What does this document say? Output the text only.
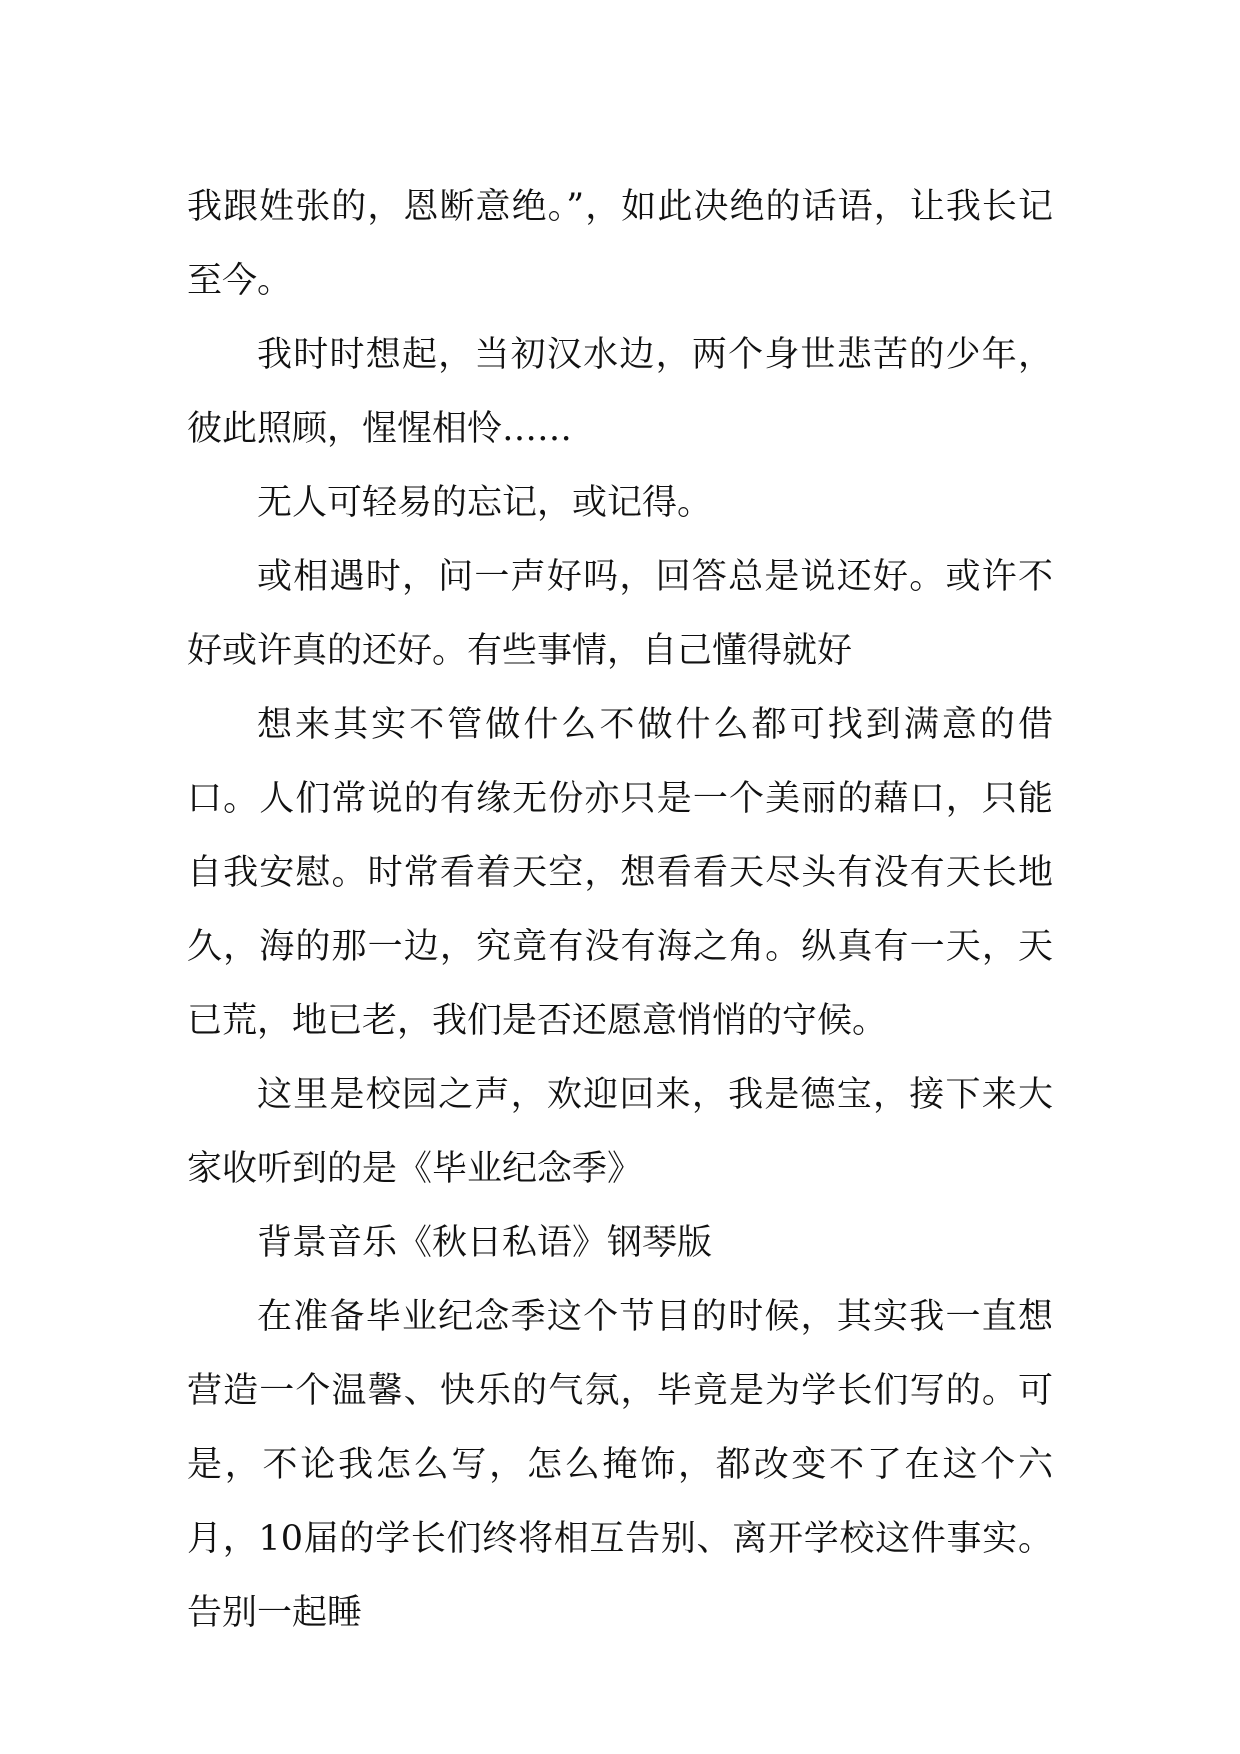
我跟姓张的，恩断意绝。”，如此决绝的话语，让我长记至今。

我时时想起，当初汉水边，两个身世悲苦的少年，彼此照顾，惺惺相怜……

无人可轻易的忘记，或记得。

或相遇时，问一声好吗，回答总是说还好。或许不好或许真的还好。有些事情，自己懂得就好

想来其实不管做什么不做什么都可找到满意的借口。人们常说的有缘无份亦只是一个美丽的藉口，只能自我安慰。时常看着天空，想看看天尽头有没有天长地久，海的那一边，究竟有没有海之角。纵真有一天，天已荒，地已老，我们是否还愿意悄悄的守候。

这里是校园之声，欢迎回来，我是德宝，接下来大家收听到的是《毕业纪念季》

背景音乐《秋日私语》钢琴版

在准备毕业纪念季这个节目的时候，其实我一直想营造一个温馨、快乐的气氛，毕竟是为学长们写的。可是，不论我怎么写，怎么掩饰，都改变不了在这个六月，10届的学长们终将相互告别、离开学校这件事实。告别一起睡
